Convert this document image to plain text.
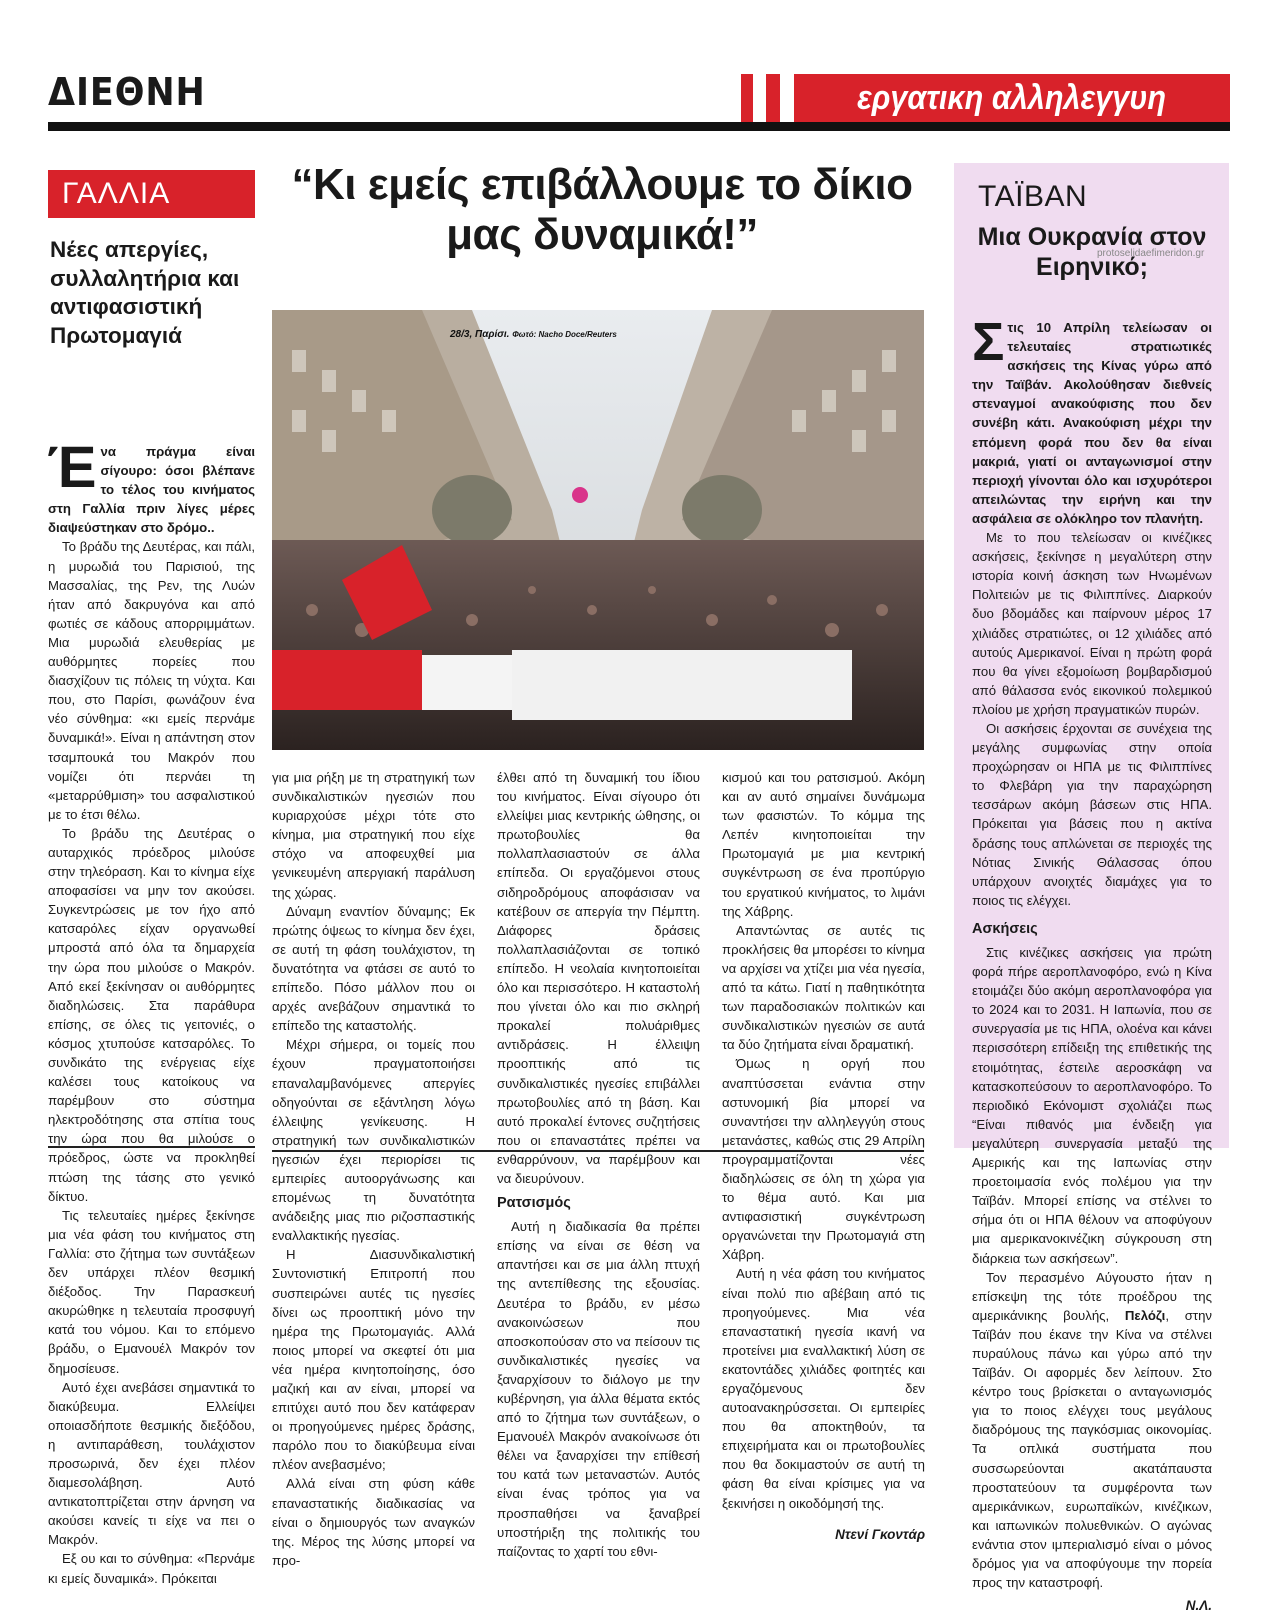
ΔΙΕΘΝΗ	εργατικη αλληλεγγυη
ΓΑΛΛΙΑ
Νέες απεργίες, συλλαλητήρια και αντιφασιστική Πρωτομαγιά

Ένα πράγμα είναι σίγουρο: όσοι βλέπανε το τέλος του κινήματος στη Γαλλία πριν λίγες μέρες διαψεύστηκαν στο δρόμο..

Το βράδυ της Δευτέρας, και πάλι, η μυρωδιά του Παρισιού, της Μασσαλίας, της Ρεν, της Λυών ήταν από δακρυγόνα και από φωτιές σε κάδους απορριμμάτων. Μια μυρωδιά ελευθερίας με αυθόρμητες πορείες που διασχίζουν τις πόλεις τη νύχτα. Και που, στο Παρίσι, φωνάζουν ένα νέο σύνθημα: «κι εμείς περνάμε δυναμικά!». Είναι η απάντηση στον τσαμπουκά του Μακρόν που νομίζει ότι περνάει τη «μεταρρύθμιση» του ασφαλιστικού με το έτσι θέλω.

Το βράδυ της Δευτέρας ο αυταρχικός πρόεδρος μιλούσε στην τηλεόραση. Και το κίνημα είχε αποφασίσει να μην τον ακούσει. Συγκεντρώσεις με τον ήχο από κατσαρόλες είχαν οργανωθεί μπροστά από όλα τα δημαρχεία την ώρα που μιλούσε ο Μακρόν. Από εκεί ξεκίνησαν οι αυθόρμητες διαδηλώσεις. Στα παράθυρα επίσης, σε όλες τις γειτονιές, ο κόσμος χτυπούσε κατσαρόλες. Το συνδικάτο της ενέργειας είχε καλέσει τους κατοίκους να παρέμβουν στο σύστημα ηλεκτροδότησης στα σπίτια τους την ώρα που θα μιλούσε ο πρόεδρος, ώστε να προκληθεί πτώση της τάσης στο γενικό δίκτυο.

Τις τελευταίες ημέρες ξεκίνησε μια νέα φάση του κινήματος στη Γαλλία: στο ζήτημα των συντάξεων δεν υπάρχει πλέον θεσμική διέξοδος. Την Παρασκευή ακυρώθηκε η τελευταία προσφυγή κατά του νόμου. Και το επόμενο βράδυ, ο Εμανουέλ Μακρόν τον δημοσίευσε.

Αυτό έχει ανεβάσει σημαντικά το διακύβευμα. Ελλείψει οποιασδήποτε θεσμικής διεξόδου, η αντιπαράθεση, τουλάχιστον προσωρινά, δεν έχει πλέον διαμεσολάβηση. Αυτό αντικατοπτρίζεται στην άρνηση να ακούσει κανείς τι είχε να πει ο Μακρόν.

Εξ ου και το σύνθημα: «Περνάμε κι εμείς δυναμικά». Πρόκειται

“Κι εμείς επιβάλλουμε το δίκιο μας δυναμικά!”
28/3, Παρίσι. Φωτό: Nacho Doce/Reuters

για μια ρήξη με τη στρατηγική των συνδικαλιστικών ηγεσιών που κυριαρχούσε μέχρι τότε στο κίνημα, μια στρατηγική που είχε στόχο να αποφευχθεί μια γενικευμένη απεργιακή παράλυση της χώρας.

Δύναμη εναντίον δύναμης; Εκ πρώτης όψεως το κίνημα δεν έχει, σε αυτή τη φάση τουλάχιστον, τη δυνατότητα να φτάσει σε αυτό το επίπεδο. Πόσο μάλλον που οι αρχές ανεβάζουν σημαντικά το επίπεδο της καταστολής.

Μέχρι σήμερα, οι τομείς που έχουν πραγματοποιήσει επαναλαμβανόμενες απεργίες οδηγούνται σε εξάντληση λόγω έλλειψης γενίκευσης. Η στρατηγική των συνδικαλιστικών ηγεσιών έχει περιορίσει τις εμπειρίες αυτοοργάνωσης και επομένως τη δυνατότητα ανάδειξης μιας πιο ριζοσπαστικής εναλλακτικής ηγεσίας.

Η Διασυνδικαλιστική Συντονιστική Επιτροπή που συσπειρώνει αυτές τις ηγεσίες δίνει ως προοπτική μόνο την ημέρα της Πρωτομαγιάς. Αλλά ποιος μπορεί να σκεφτεί ότι μια νέα ημέρα κινητοποίησης, όσο μαζική και αν είναι, μπορεί να επιτύχει αυτό που δεν κατάφεραν οι προηγούμενες ημέρες δράσης, παρόλο που το διακύβευμα είναι πλέον ανεβασμένο;

Αλλά είναι στη φύση κάθε επαναστατικής διαδικασίας να είναι ο δημιουργός των αναγκών της. Μέρος της λύσης μπορεί να προ-

έλθει από τη δυναμική του ίδιου του κινήματος. Είναι σίγουρο ότι ελλείψει μιας κεντρικής ώθησης, οι πρωτοβουλίες θα πολλαπλασιαστούν σε άλλα επίπεδα. Οι εργαζόμενοι στους σιδηροδρόμους αποφάσισαν να κατέβουν σε απεργία την Πέμπτη. Διάφορες δράσεις πολλαπλασιάζονται σε τοπικό επίπεδο. Η νεολαία κινητοποιείται όλο και περισσότερο. Η καταστολή που γίνεται όλο και πιο σκληρή προκαλεί πολυάριθμες αντιδράσεις. Η έλλειψη προοπτικής από τις συνδικαλιστικές ηγεσίες επιβάλλει πρωτοβουλίες από τη βάση. Και αυτό προκαλεί έντονες συζητήσεις που οι επαναστάτες πρέπει να ενθαρρύνουν, να παρέμβουν και να διευρύνουν.

Ρατσισμός

Αυτή η διαδικασία θα πρέπει επίσης να είναι σε θέση να απαντήσει και σε μια άλλη πτυχή της αντεπίθεσης της εξουσίας. Δευτέρα το βράδυ, εν μέσω ανακοινώσεων που αποσκοπούσαν στο να πείσουν τις συνδικαλιστικές ηγεσίες να ξαναρχίσουν το διάλογο με την κυβέρνηση, για άλλα θέματα εκτός από το ζήτημα των συντάξεων, ο Εμανουέλ Μακρόν ανακοίνωσε ότι θέλει να ξαναρχίσει την επίθεσή του κατά των μεταναστών. Αυτός είναι ένας τρόπος για να προσπαθήσει να ξαναβρεί υποστήριξη της πολιτικής του παίζοντας το χαρτί του εθνι-

κισμού και του ρατσισμού. Ακόμη και αν αυτό σημαίνει δυνάμωμα των φασιστών. Το κόμμα της Λεπέν κινητοποιείται την Πρωτομαγιά με μια κεντρική συγκέντρωση σε ένα προπύργιο του εργατικού κινήματος, το λιμάνι της Χάβρης.

Απαντώντας σε αυτές τις προκλήσεις θα μπορέσει το κίνημα να αρχίσει να χτίζει μια νέα ηγεσία, από τα κάτω. Γιατί η παθητικότητα των παραδοσιακών πολιτικών και συνδικαλιστικών ηγεσιών σε αυτά τα δύο ζητήματα είναι δραματική.

Όμως η οργή που αναπτύσσεται ενάντια στην αστυνομική βία μπορεί να συναντήσει την αλληλεγγύη στους μετανάστες, καθώς στις 29 Απρίλη προγραμματίζονται νέες διαδηλώσεις σε όλη τη χώρα για το θέμα αυτό. Και μια αντιφασιστική συγκέντρωση οργανώνεται την Πρωτομαγιά στη Χάβρη.

Αυτή η νέα φάση του κινήματος είναι πολύ πιο αβέβαιη από τις προηγούμενες. Μια νέα επαναστατική ηγεσία ικανή να προτείνει μια εναλλακτική λύση σε εκατοντάδες χιλιάδες φοιτητές και εργαζόμενους δεν αυτοανακηρύσσεται. Οι εμπειρίες που θα αποκτηθούν, τα επιχειρήματα και οι πρωτοβουλίες που θα δοκιμαστούν σε αυτή τη φάση θα είναι κρίσιμες για να ξεκινήσει η οικοδόμησή της.

Ντενί Γκοντάρ
ΤΑΪΒΑΝ
Μια Ουκρανία στον Ειρηνικό;
protoselidaefimeridon.gr

Στις 10 Απρίλη τελείωσαν οι τελευταίες στρατιωτικές ασκήσεις της Κίνας γύρω από την Ταϊβάν. Ακολούθησαν διεθνείς στεναγμοί ανακούφισης που δεν συνέβη κάτι. Ανακούφιση μέχρι την επόμενη φορά που δεν θα είναι μακριά, γιατί οι ανταγωνισμοί στην περιοχή γίνονται όλο και ισχυρότεροι απειλώντας την ειρήνη και την ασφάλεια σε ολόκληρο τον πλανήτη.

Με το που τελείωσαν οι κινέζικες ασκήσεις, ξεκίνησε η μεγαλύτερη στην ιστορία κοινή άσκηση των Ηνωμένων Πολιτειών με τις Φιλιππίνες. Διαρκούν δυο βδομάδες και παίρνουν μέρος 17 χιλιάδες στρατιώτες, οι 12 χιλιάδες από αυτούς Αμερικανοί. Είναι η πρώτη φορά που θα γίνει εξομοίωση βομβαρδισμού από θάλασσα ενός εικονικού πολεμικού πλοίου με χρήση πραγματικών πυρών.

Οι ασκήσεις έρχονται σε συνέχεια της μεγάλης συμφωνίας στην οποία προχώρησαν οι ΗΠΑ με τις Φιλιππίνες το Φλεβάρη για την παραχώρηση τεσσάρων ακόμη βάσεων στις ΗΠΑ. Πρόκειται για βάσεις που η ακτίνα δράσης τους απλώνεται σε περιοχές της Νότιας Σινικής Θάλασσας όπου υπάρχουν ανοιχτές διαμάχες για το ποιος τις ελέγχει.

Ασκήσεις

Στις κινέζικες ασκήσεις για πρώτη φορά πήρε αεροπλανοφόρο, ενώ η Κίνα ετοιμάζει δύο ακόμη αεροπλανοφόρα για το 2024 και το 2031. Η Ιαπωνία, που σε συνεργασία με τις ΗΠΑ, ολοένα και κάνει περισσότερη επίδειξη της επιθετικής της ετοιμότητας, έστειλε αεροσκάφη να κατασκοπεύσουν το αεροπλανοφόρο. Το περιοδικό Εκόνομιστ σχολιάζει πως “Είναι πιθανός μια ένδειξη για μεγαλύτερη συνεργασία μεταξύ της Αμερικής και της Ιαπωνίας στην προετοιμασία ενός πολέμου για την Ταϊβάν. Μπορεί επίσης να στέλνει το σήμα ότι οι ΗΠΑ θέλουν να αποφύγουν μια αμερικανοκινέζικη σύγκρουση στη διάρκεια των ασκήσεων”.

Τον περασμένο Αύγουστο ήταν η επίσκεψη της τότε προέδρου της αμερικάνικης βουλής, Πελόζι, στην Ταϊβάν που έκανε την Κίνα να στέλνει πυραύλους πάνω και γύρω από την Ταϊβάν. Οι αφορμές δεν λείπουν. Στο κέντρο τους βρίσκεται ο ανταγωνισμός για το ποιος ελέγχει τους μεγάλους διαδρόμους της παγκόσμιας οικονομίας. Τα οπλικά συστήματα που συσσωρεύονται ακατάπαυστα προστατεύουν τα συμφέροντα των αμερικάνικων, ευρωπαϊκών, κινέζικων, και ιαπωνικών πολυεθνικών. Ο αγώνας ενάντια στον ιμπεριαλισμό είναι ο μόνος δρόμος για να αποφύγουμε την πορεία προς την καταστροφή.

Ν.Λ.
